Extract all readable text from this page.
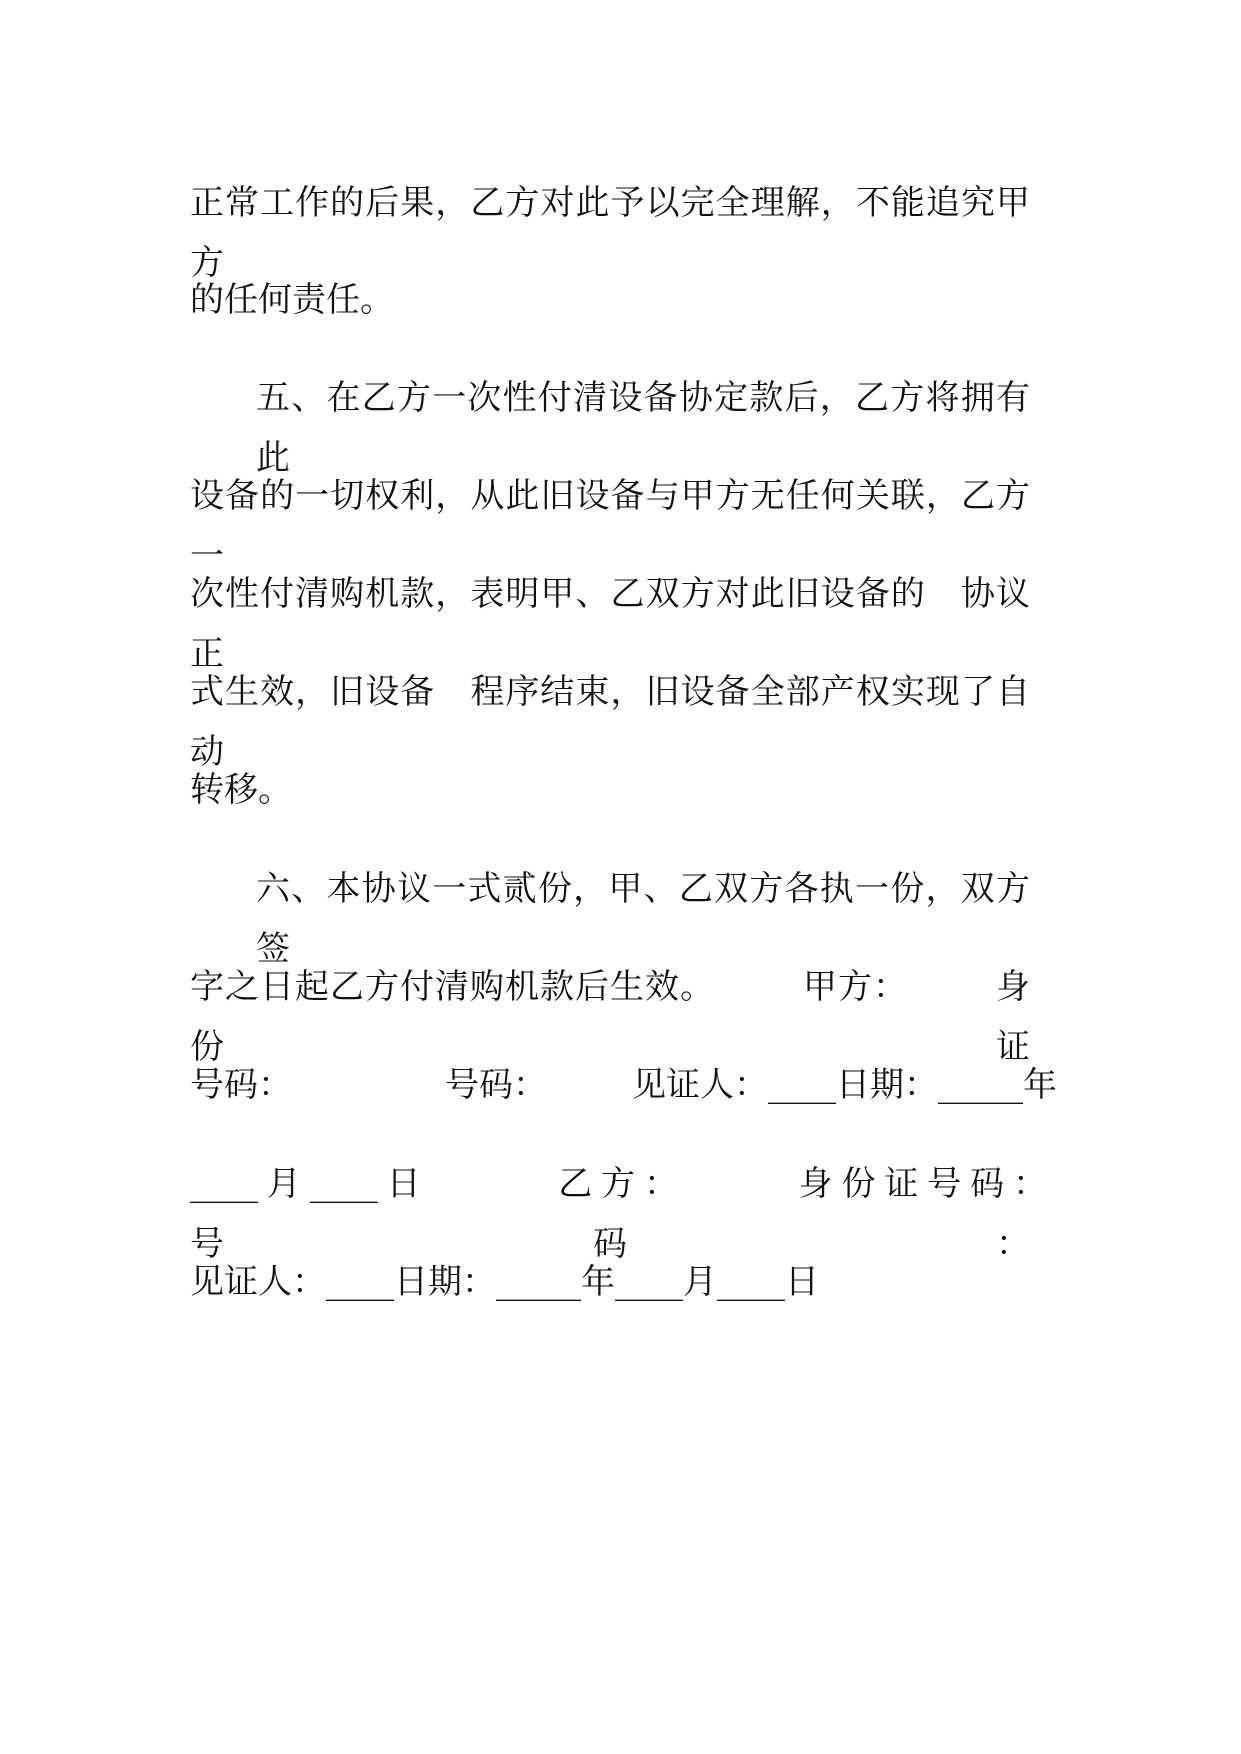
正常工作的后果，乙方对此予以完全理解，不能追究甲方
的任何责任。
五、在乙方一次性付清设备协定款后，乙方将拥有此
设备的一切权利，从此旧设备与甲方无任何关联，乙方一
次性付清购机款，表明甲、乙双方对此旧设备的　协议正
式生效，旧设备　程序结束，旧设备全部产权实现了自动
转移。
六、本协议一式贰份，甲、乙双方各执一份，双方签
字之日起乙方付清购机款后生效。　　　甲方：　　　身份证
号码：　　　　　号码：　　　见证人：____日期：_____年
____月____日　　　乙方：　　　身份证号码：　　　　　号码：
见证人：____日期：_____年____月____日
